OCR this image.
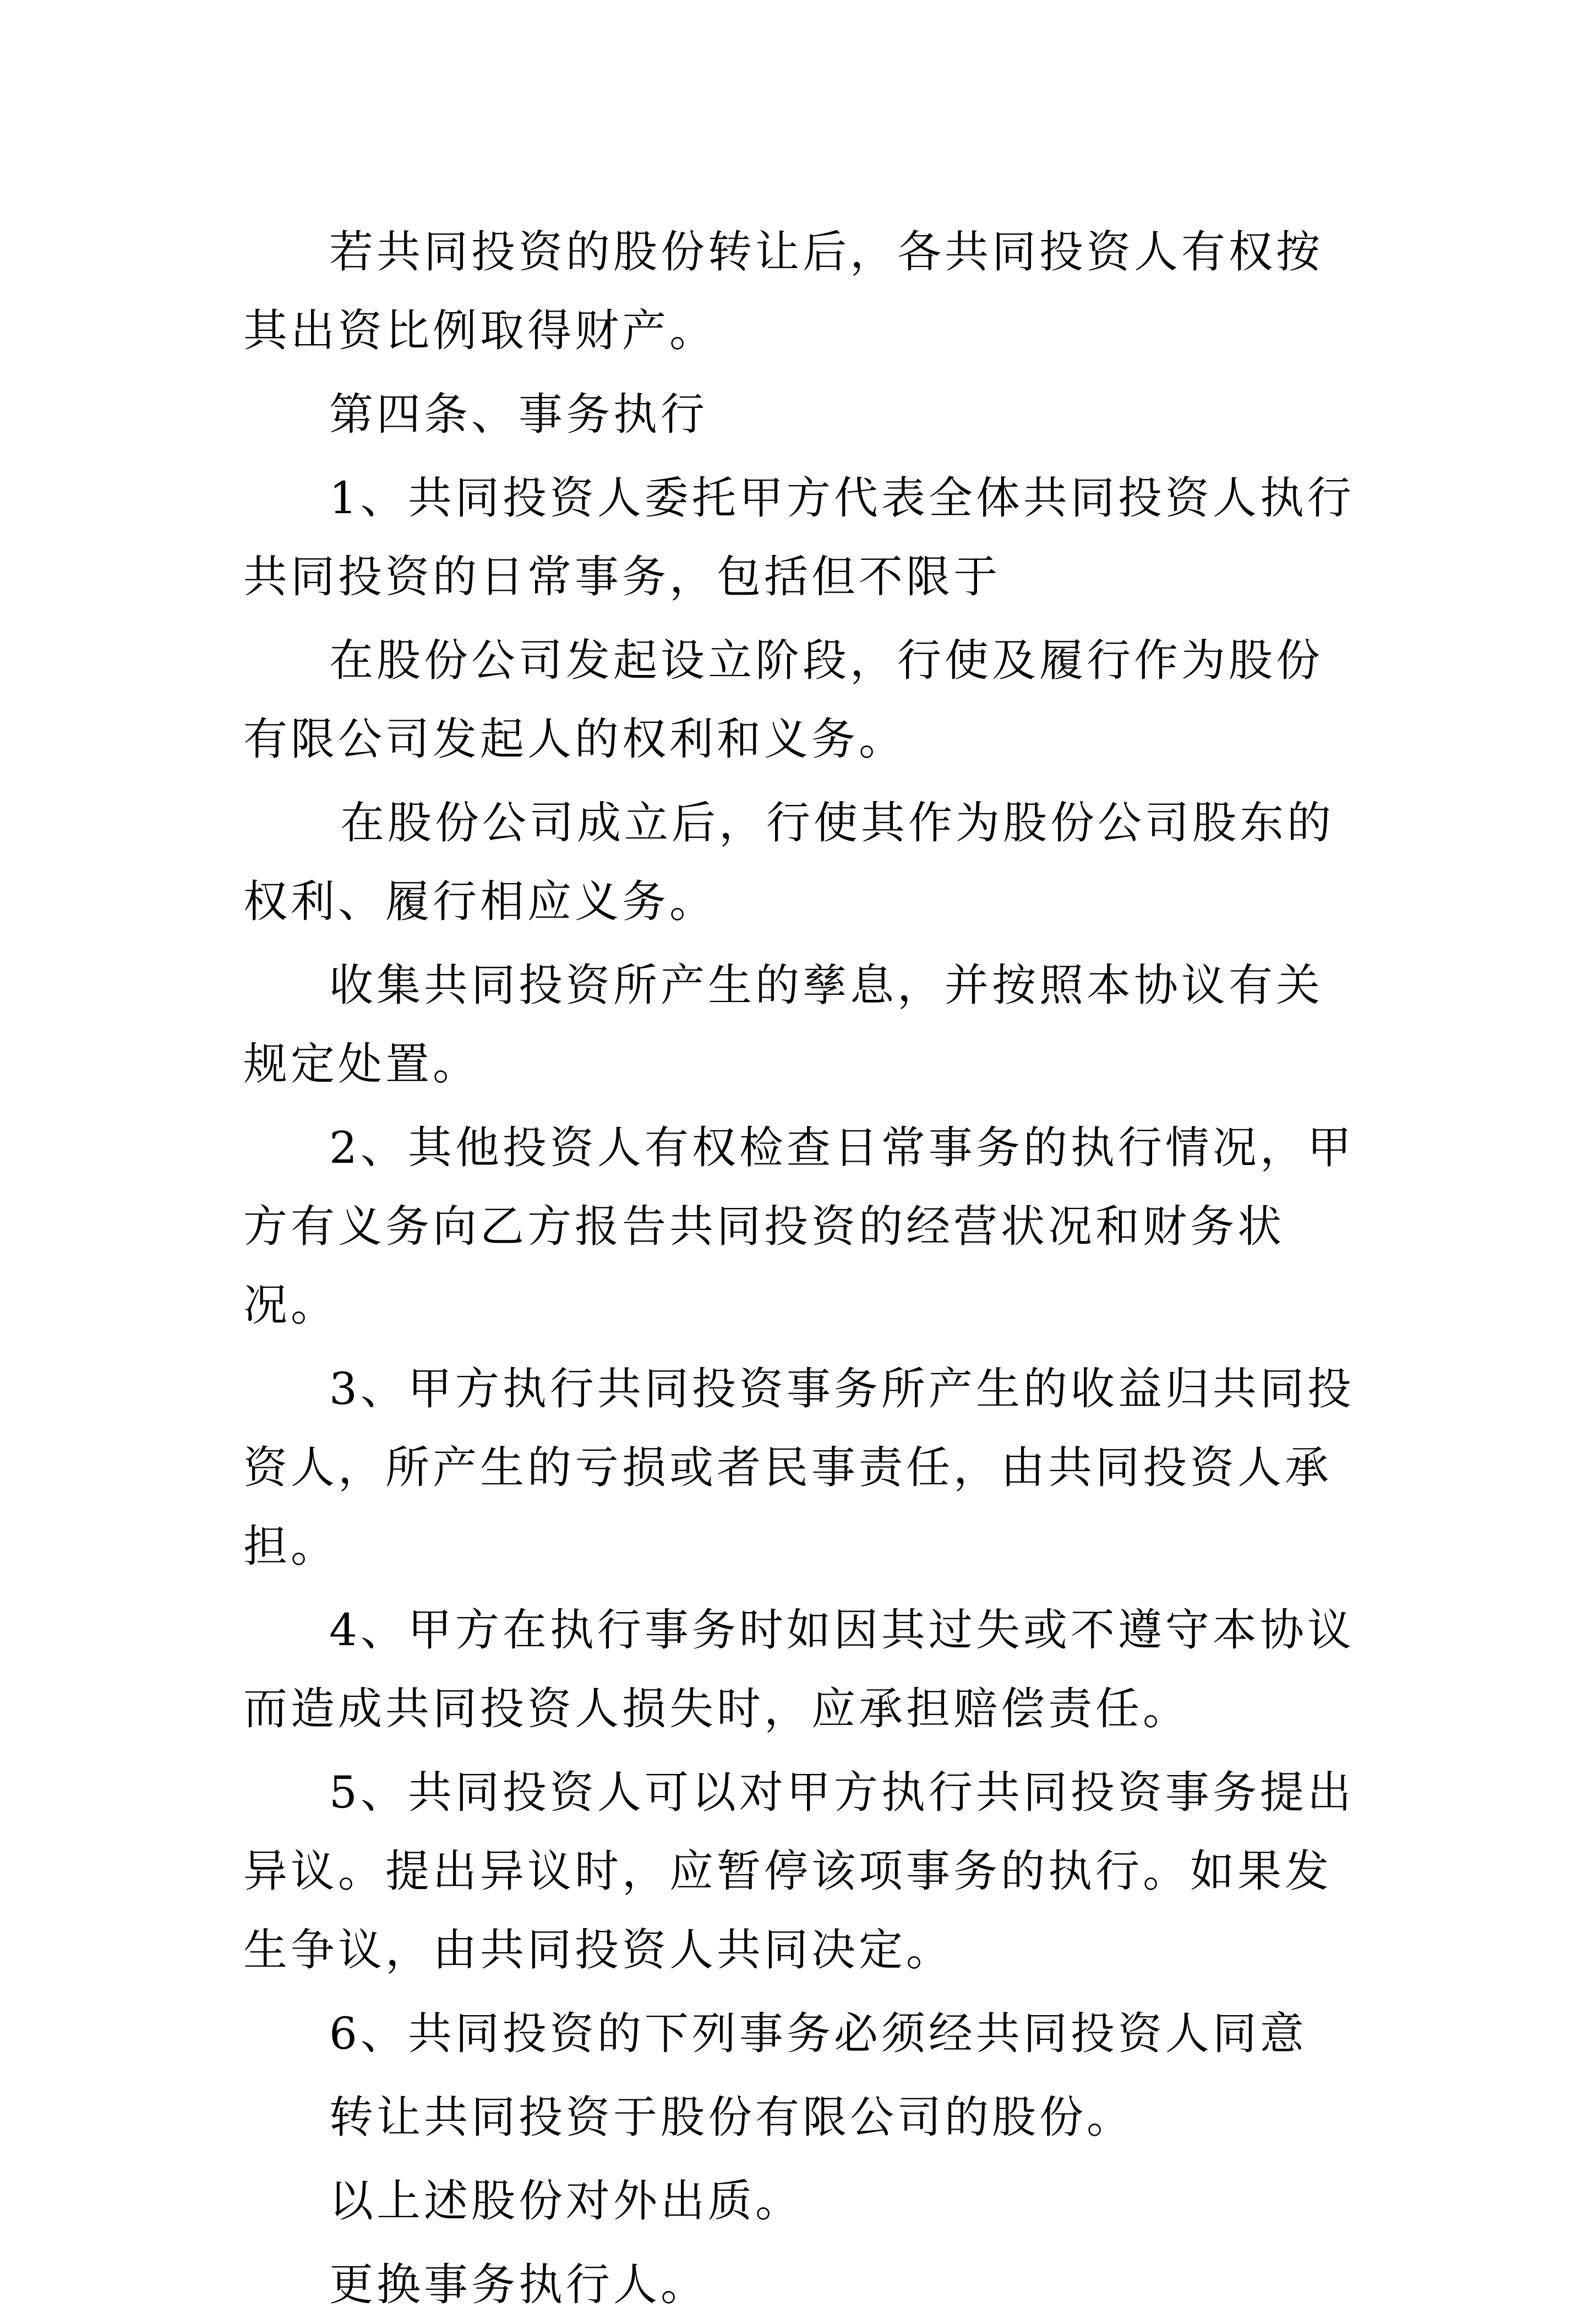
若共同投资的股份转让后，各共同投资人有权按其出资比例取得财产。

第四条、事务执行

1、共同投资人委托甲方代表全体共同投资人执行共同投资的日常事务，包括但不限于

在股份公司发起设立阶段，行使及履行作为股份有限公司发起人的权利和义务。

在股份公司成立后，行使其作为股份公司股东的权利、履行相应义务。

收集共同投资所产生的孳息，并按照本协议有关规定处置。

2、其他投资人有权检查日常事务的执行情况，甲方有义务向乙方报告共同投资的经营状况和财务状况。

3、甲方执行共同投资事务所产生的收益归共同投资人，所产生的亏损或者民事责任，由共同投资人承担。

4、甲方在执行事务时如因其过失或不遵守本协议而造成共同投资人损失时，应承担赔偿责任。

5、共同投资人可以对甲方执行共同投资事务提出异议。提出异议时，应暂停该项事务的执行。如果发生争议，由共同投资人共同决定。

6、共同投资的下列事务必须经共同投资人同意

转让共同投资于股份有限公司的股份。

以上述股份对外出质。

更换事务执行人。
